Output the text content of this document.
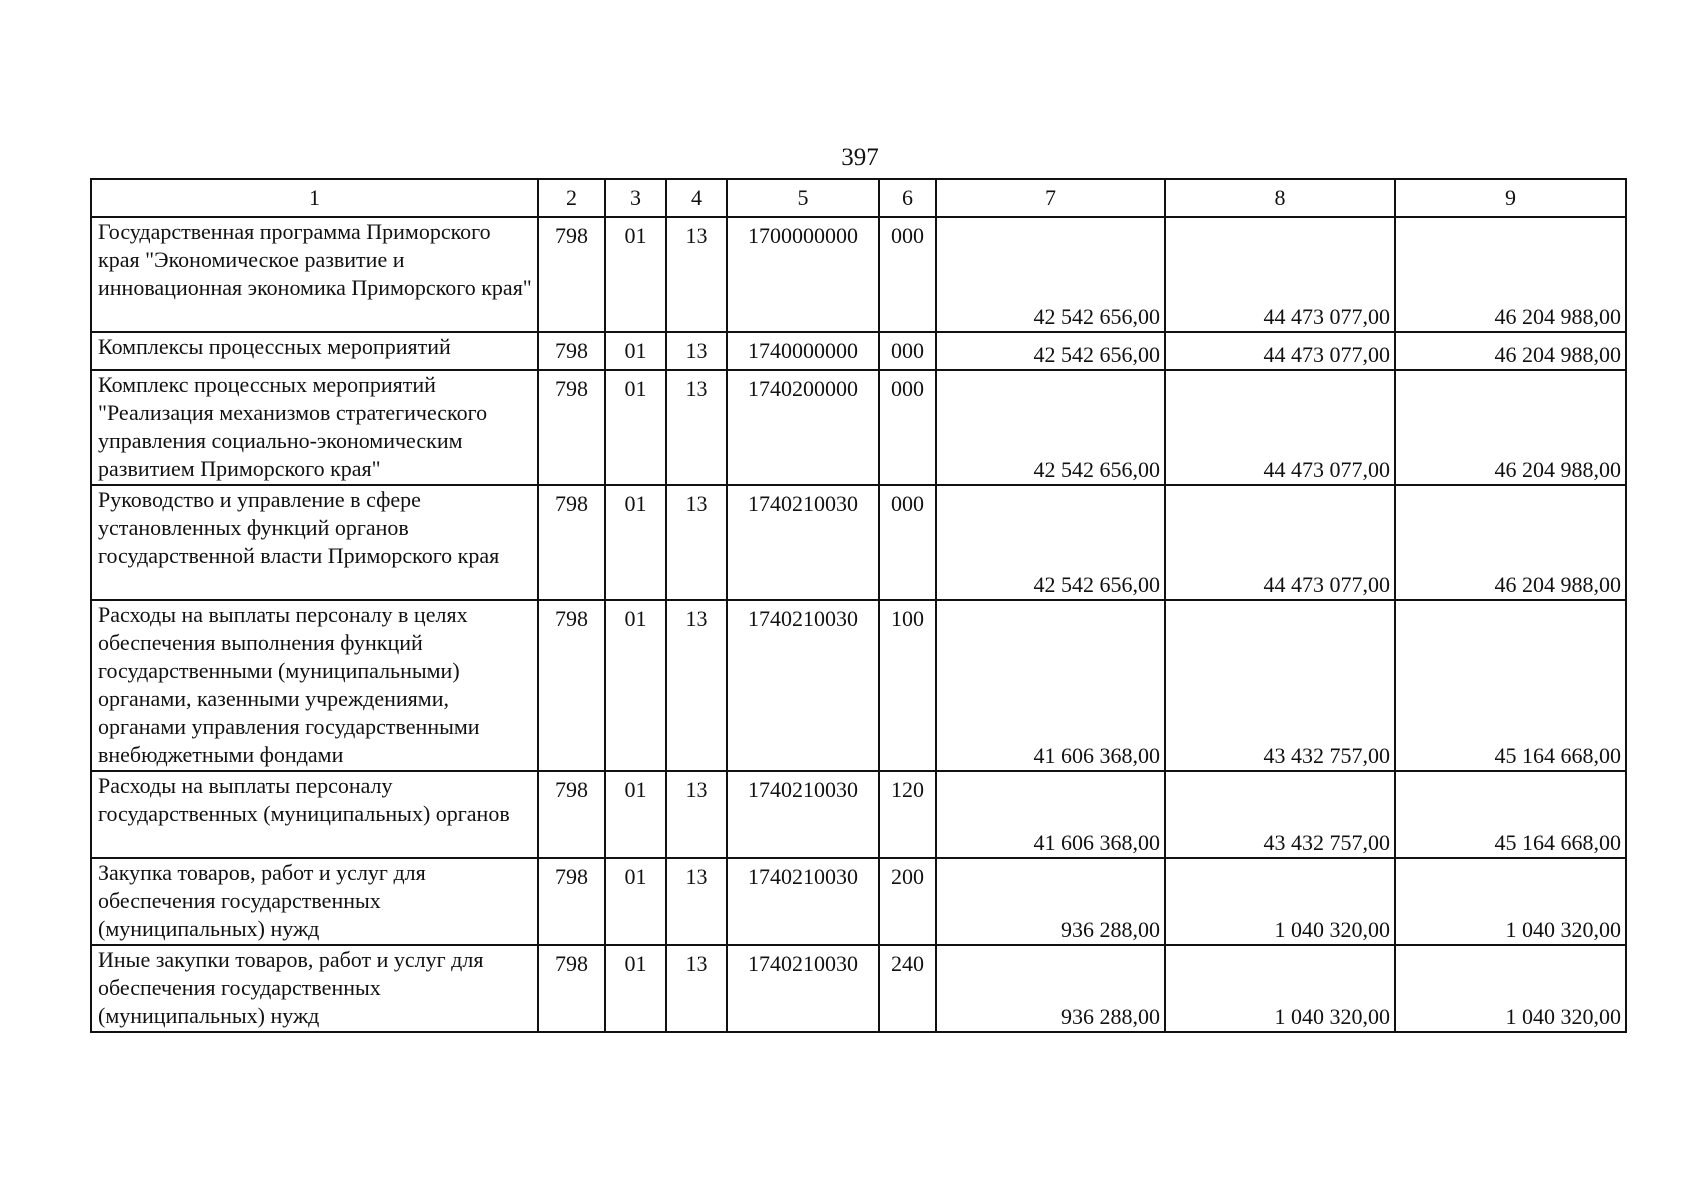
397
1	2	3	4	5	6	7	8	9
Государственная программа Приморского края "Экономическое развитие и инновационная экономика Приморского края"	798	01	13	1700000000	000	42 542 656,00	44 473 077,00	46 204 988,00
Комплексы процессных мероприятий	798	01	13	1740000000	000	42 542 656,00	44 473 077,00	46 204 988,00
Комплекс процессных мероприятий "Реализация механизмов стратегического управления социально-экономическим развитием Приморского края"	798	01	13	1740200000	000	42 542 656,00	44 473 077,00	46 204 988,00
Руководство и управление в сфере установленных функций органов государственной власти Приморского края	798	01	13	1740210030	000	42 542 656,00	44 473 077,00	46 204 988,00
Расходы на выплаты персоналу в целях обеспечения выполнения функций государственными (муниципальными) органами, казенными учреждениями, органами управления государственными внебюджетными фондами	798	01	13	1740210030	100	41 606 368,00	43 432 757,00	45 164 668,00
Расходы на выплаты персоналу государственных (муниципальных) органов	798	01	13	1740210030	120	41 606 368,00	43 432 757,00	45 164 668,00
Закупка товаров, работ и услуг для обеспечения государственных (муниципальных) нужд	798	01	13	1740210030	200	936 288,00	1 040 320,00	1 040 320,00
Иные закупки товаров, работ и услуг для обеспечения государственных (муниципальных) нужд	798	01	13	1740210030	240	936 288,00	1 040 320,00	1 040 320,00
